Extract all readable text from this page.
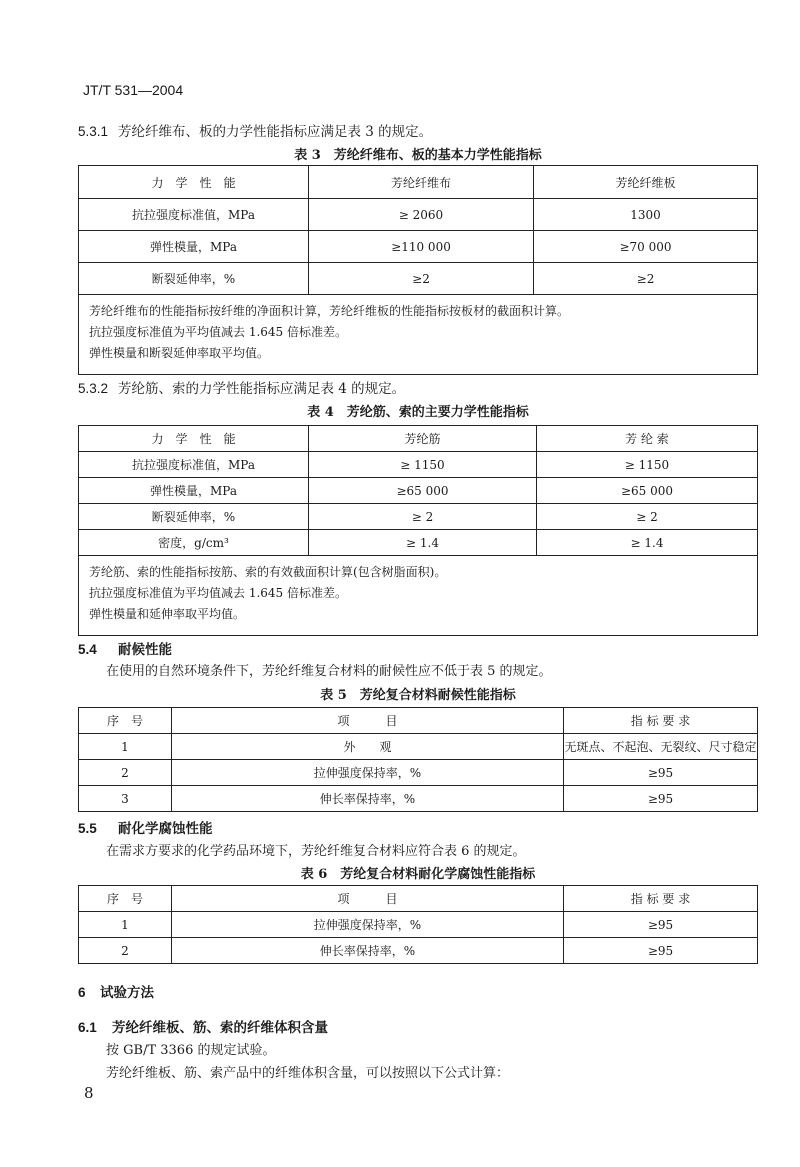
JT/T 531—2004
5.3.1 芳纶纤维布、板的力学性能指标应满足表 3 的规定。
表 3　芳纶纤维布、板的基本力学性能指标
力　学　性　能	芳纶纤维布	芳纶纤维板
抗拉强度标准值，MPa	≥ 2060	1300
弹性模量，MPa	≥110 000	≥70 000
断裂延伸率，%	≥2	≥2

芳纶纤维布的性能指标按纤维的净面积计算，芳纶纤维板的性能指标按板材的截面积计算。
抗拉强度标准值为平均值减去 1.645 倍标准差。
弹性模量和断裂延伸率取平均值。		
5.3.2 芳纶筋、索的力学性能指标应满足表 4 的规定。
表 4　芳纶筋、索的主要力学性能指标
力　学　性　能	芳纶筋	芳 纶 索
抗拉强度标准值，MPa	≥ 1150	≥ 1150
弹性模量，MPa	≥65 000	≥65 000
断裂延伸率，%	≥ 2	≥ 2
密度，g/cm³	≥ 1.4	≥ 1.4

芳纶筋、索的性能指标按筋、索的有效截面积计算(包含树脂面积)。
抗拉强度标准值为平均值减去 1.645 倍标准差。
弹性模量和延伸率取平均值。		
5.4 耐候性能
在使用的自然环境条件下，芳纶纤维复合材料的耐候性应不低于表 5 的规定。
表 5　芳纶复合材料耐候性能指标
序　号	项　　　目	指 标 要 求
1	外　　观	无斑点、不起泡、无裂纹、尺寸稳定
2	拉伸强度保持率，%	≥95
3	伸长率保持率，%	≥95
5.5 耐化学腐蚀性能
在需求方要求的化学药品环境下，芳纶纤维复合材料应符合表 6 的规定。
表 6　芳纶复合材料耐化学腐蚀性能指标
序　号	项　　　目	指 标 要 求
1	拉伸强度保持率，%	≥95
2	伸长率保持率，%	≥95
6 试验方法
6.1 芳纶纤维板、筋、索的纤维体积含量
按 GB/T 3366 的规定试验。
芳纶纤维板、筋、索产品中的纤维体积含量，可以按照以下公式计算：
8
